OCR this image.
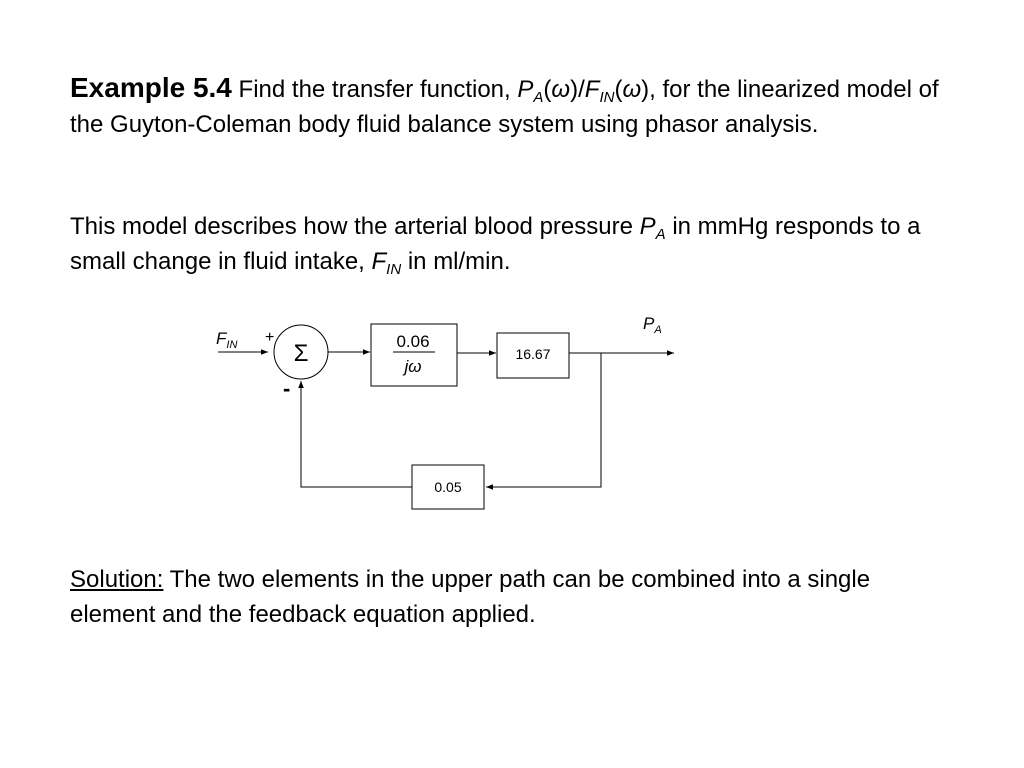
Example 5.4 Find the transfer function, $P_A(\omega)/F_{IN}(\omega)$, for the linearized model of the Guyton-Coleman body fluid balance system using phasor analysis.

This model describes how the arterial blood pressure $P_A$ in mmHg responds to a small change in fluid intake, $F_{IN}$ in ml/min.

$F_{IN}$ +
Σ
-
0.06
jω
16.67
$P_A$
0.05

Solution: The two elements in the upper path can be combined into a single element and the feedback equation applied.
